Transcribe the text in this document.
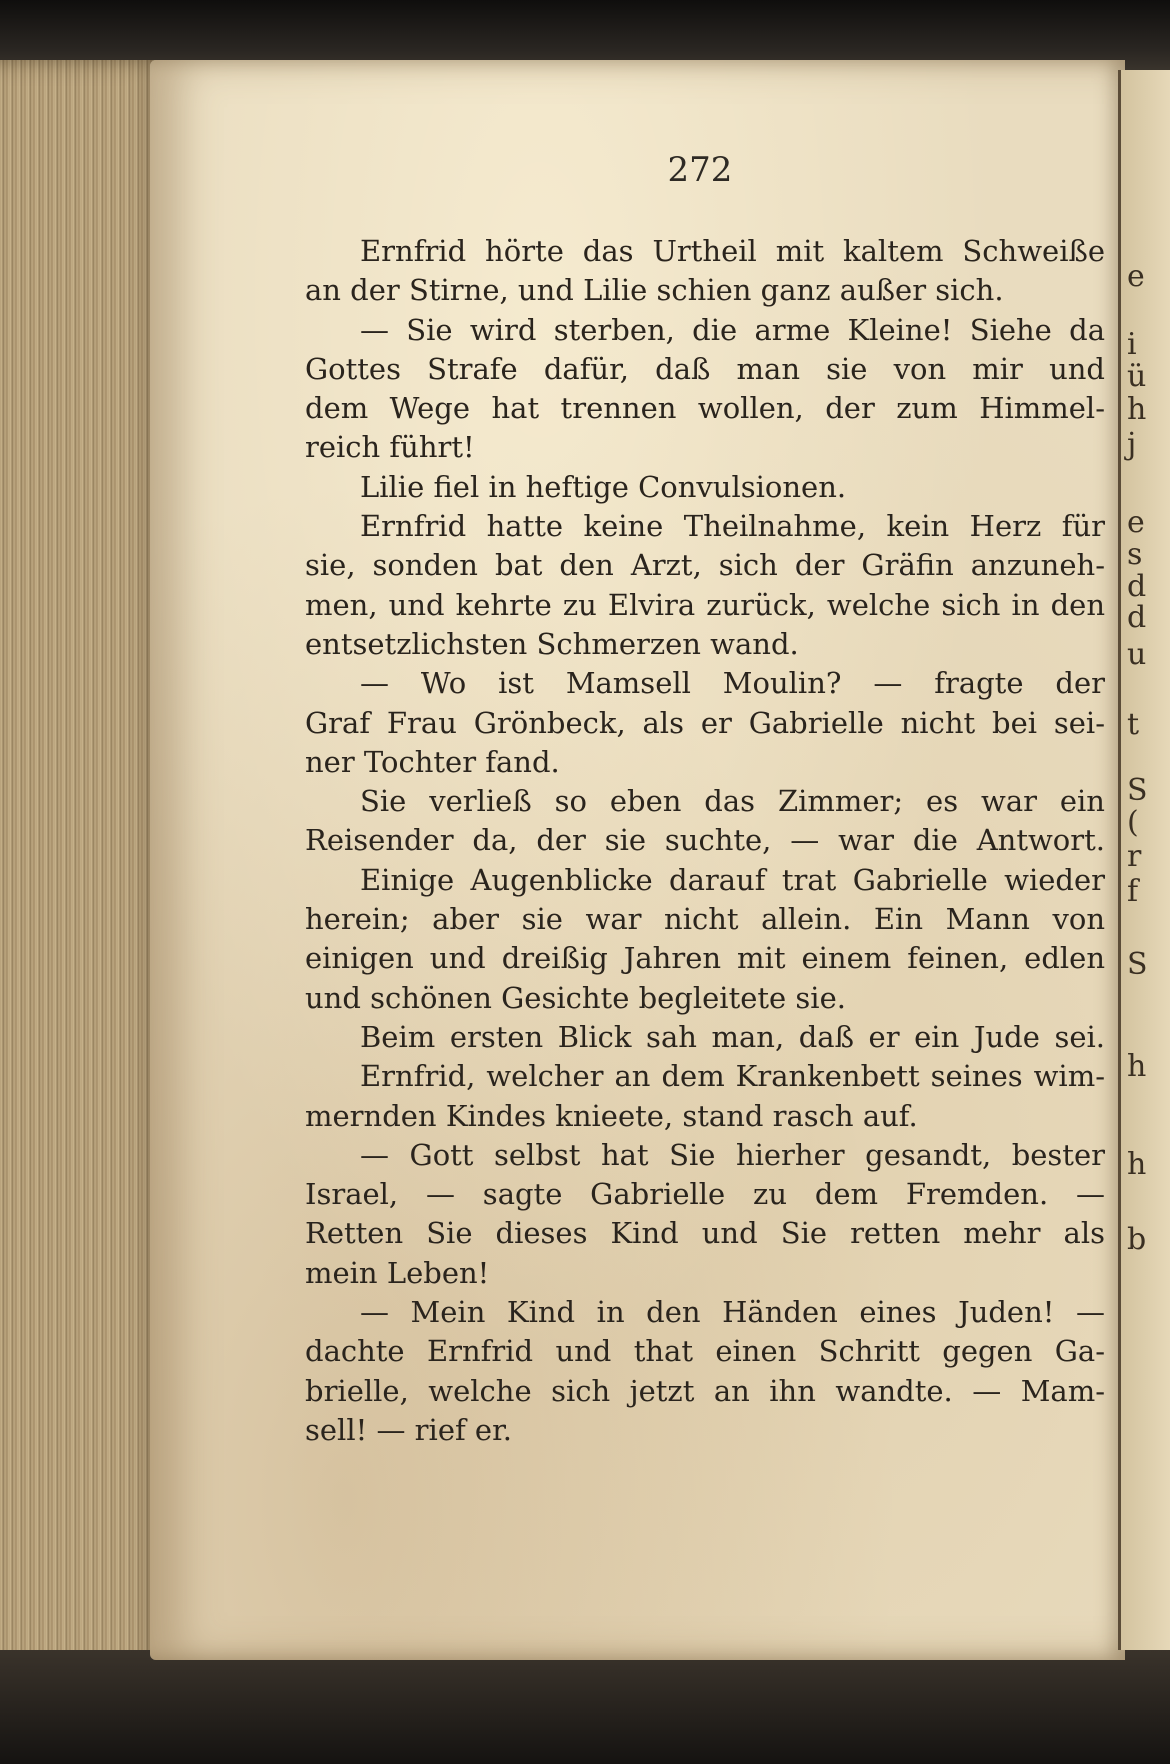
e
i
ü
h
j
e
s
d
d
u
t
S
(
r
f
S
h
h
b
272
Ernfrid hörte das Urtheil mit kaltem Schweiße
an der Stirne, und Lilie schien ganz außer sich.
— Sie wird sterben, die arme Kleine! Siehe da
Gottes Strafe dafür, daß man sie von mir und
dem Wege hat trennen wollen, der zum Himmel-
reich führt!
Lilie fiel in heftige Convulsionen.
Ernfrid hatte keine Theilnahme, kein Herz für
sie, sonden bat den Arzt, sich der Gräfin anzuneh-
men, und kehrte zu Elvira zurück, welche sich in den
entsetzlichsten Schmerzen wand.
— Wo ist Mamsell Moulin? — fragte der
Graf Frau Grönbeck, als er Gabrielle nicht bei sei-
ner Tochter fand.
Sie verließ so eben das Zimmer; es war ein
Reisender da, der sie suchte, — war die Antwort.
Einige Augenblicke darauf trat Gabrielle wieder
herein; aber sie war nicht allein. Ein Mann von
einigen und dreißig Jahren mit einem feinen, edlen
und schönen Gesichte begleitete sie.
Beim ersten Blick sah man, daß er ein Jude sei.
Ernfrid, welcher an dem Krankenbett seines wim-
mernden Kindes knieete, stand rasch auf.
— Gott selbst hat Sie hierher gesandt, bester
Israel, — sagte Gabrielle zu dem Fremden. —
Retten Sie dieses Kind und Sie retten mehr als
mein Leben!
— Mein Kind in den Händen eines Juden! —
dachte Ernfrid und that einen Schritt gegen Ga-
brielle, welche sich jetzt an ihn wandte. — Mam-
sell! — rief er.
